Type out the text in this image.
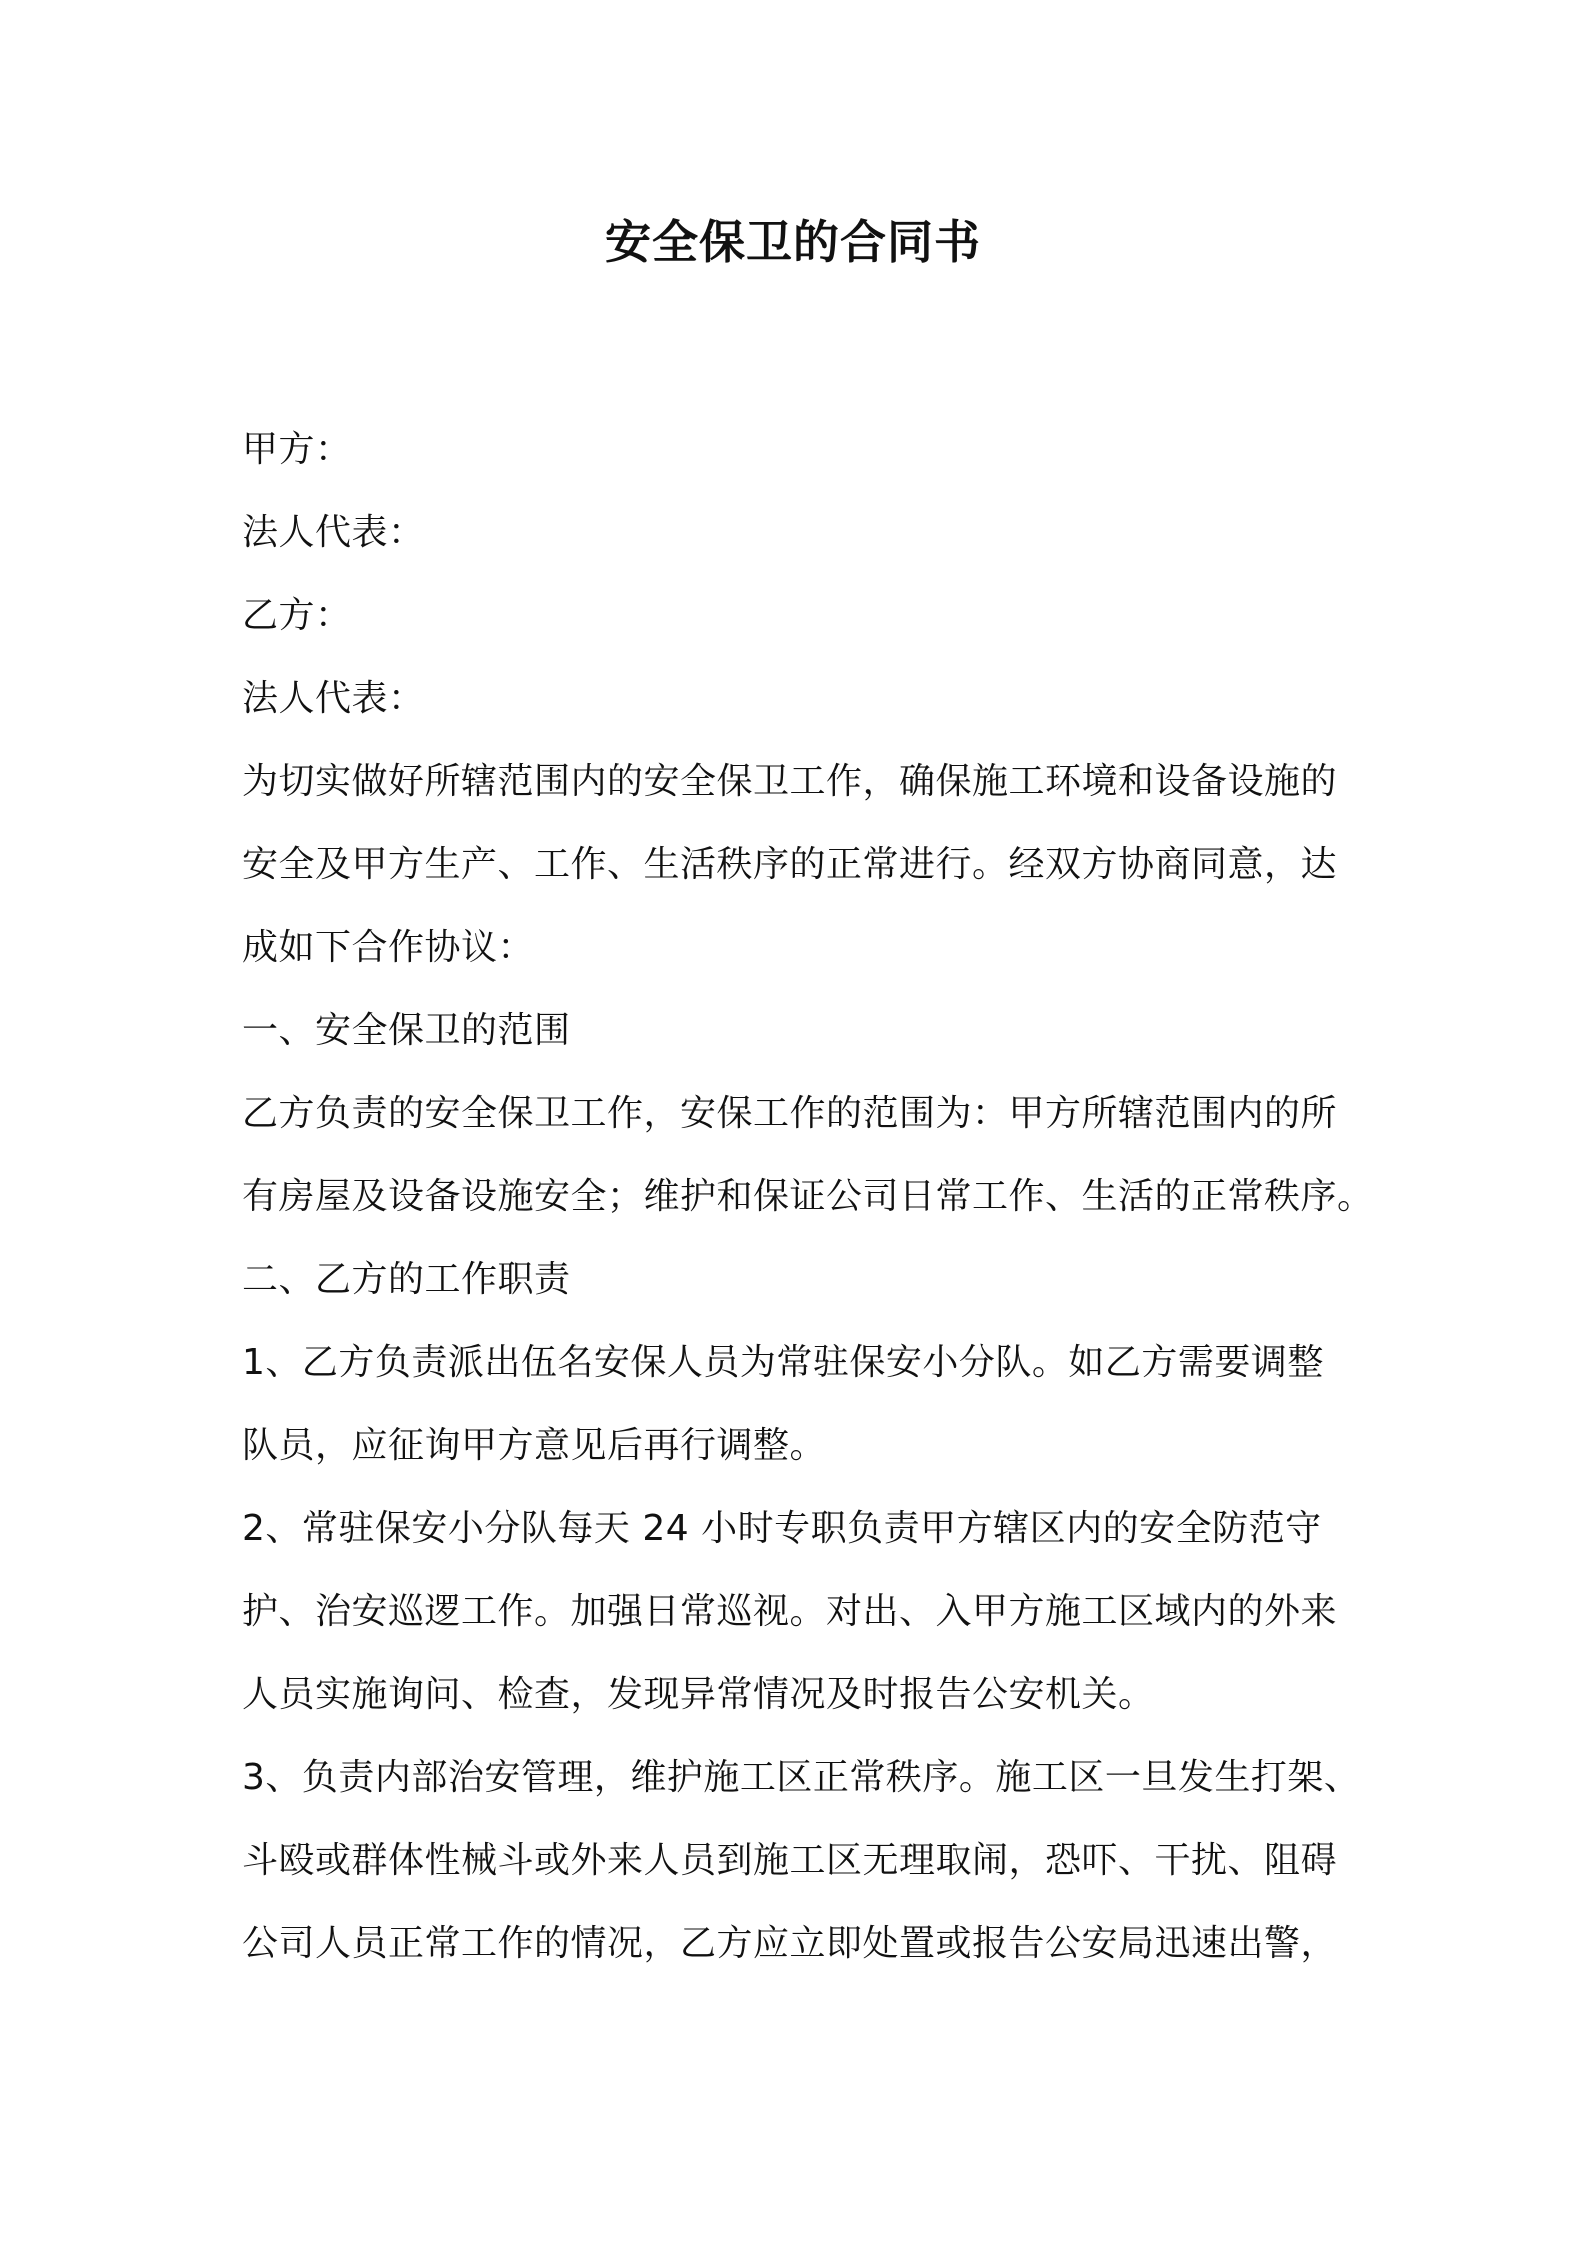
安全保卫的合同书
甲方：
法人代表：
乙方：
法人代表：
为切实做好所辖范围内的安全保卫工作，确保施工环境和设备设施的
安全及甲方生产、工作、生活秩序的正常进行。经双方协商同意，达
成如下合作协议：
一、安全保卫的范围
乙方负责的安全保卫工作，安保工作的范围为：甲方所辖范围内的所
有房屋及设备设施安全；维护和保证公司日常工作、生活的正常秩序。
二、乙方的工作职责
1、乙方负责派出伍名安保人员为常驻保安小分队。如乙方需要调整
队员，应征询甲方意见后再行调整。
2、常驻保安小分队每天 24 小时专职负责甲方辖区内的安全防范守
护、治安巡逻工作。加强日常巡视。对出、入甲方施工区域内的外来
人员实施询问、检查，发现异常情况及时报告公安机关。
3、负责内部治安管理，维护施工区正常秩序。施工区一旦发生打架、
斗殴或群体性械斗或外来人员到施工区无理取闹，恐吓、干扰、阻碍
公司人员正常工作的情况，乙方应立即处置或报告公安局迅速出警，
